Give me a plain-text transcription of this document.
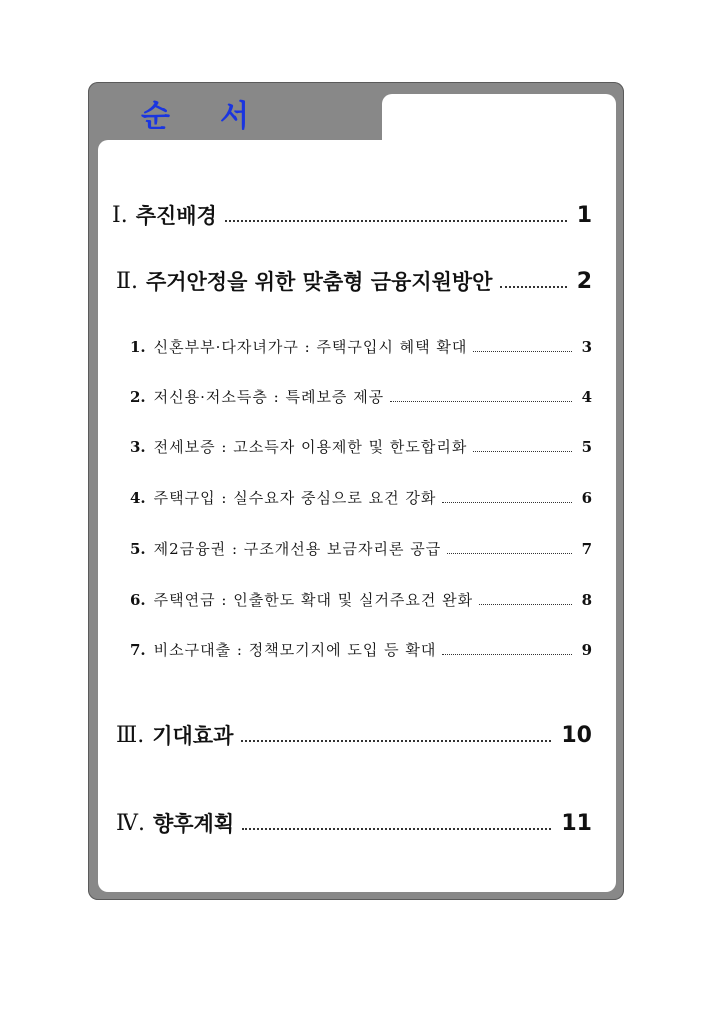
순 서
Ⅰ. 추진배경	1
Ⅱ. 주거안정을 위한 맞춤형 금융지원방안	2
1. 신혼부부·다자녀가구 : 주택구입시 혜택 확대	3
2. 저신용·저소득층 : 특례보증 제공	4
3. 전세보증 : 고소득자 이용제한 및 한도합리화	5
4. 주택구입 : 실수요자 중심으로 요건 강화	6
5. 제2금융권 : 구조개선용 보금자리론 공급	7
6. 주택연금 : 인출한도 확대 및 실거주요건 완화	8
7. 비소구대출 : 정책모기지에 도입 등 확대	9
Ⅲ. 기대효과	10
Ⅳ. 향후계획	11
